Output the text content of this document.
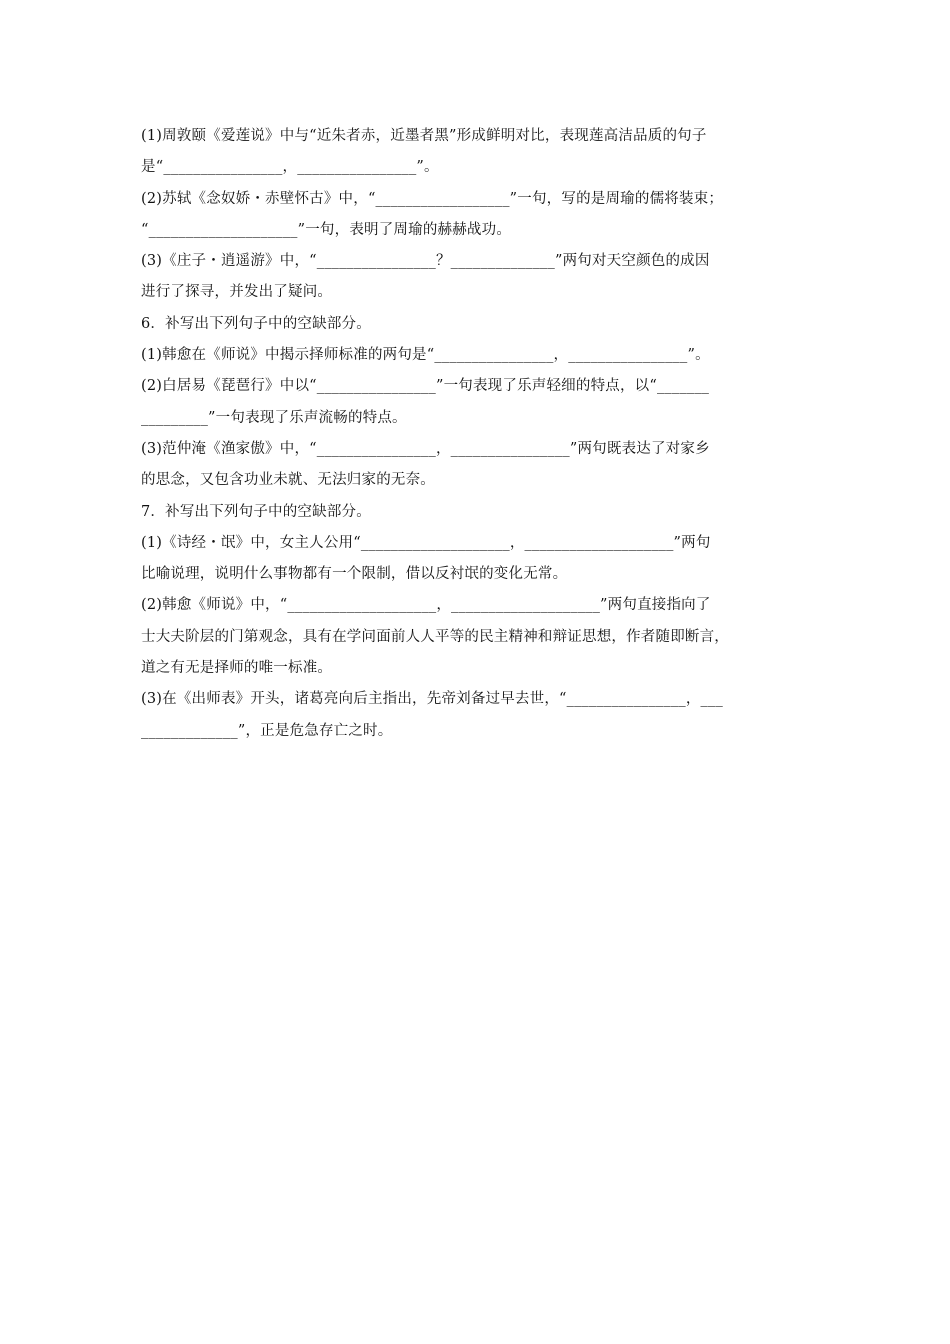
(1)周敦颐《爱莲说》中与“近朱者赤，近墨者黑”形成鲜明对比，表现莲高洁品质的句子
是“________________，________________”。
(2)苏轼《念奴娇・赤壁怀古》中，“__________________”一句，写的是周瑜的儒将装束；
“____________________”一句，表明了周瑜的赫赫战功。
(3)《庄子・逍遥游》中，“________________？______________”两句对天空颜色的成因
进行了探寻，并发出了疑问。
6．补写出下列句子中的空缺部分。
(1)韩愈在《师说》中揭示择师标准的两句是“________________，________________”。
(2)白居易《琵琶行》中以“________________”一句表现了乐声轻细的特点，以“_______
_________”一句表现了乐声流畅的特点。
(3)范仲淹《渔家傲》中，“________________，________________”两句既表达了对家乡
的思念，又包含功业未就、无法归家的无奈。
7．补写出下列句子中的空缺部分。
(1)《诗经・氓》中，女主人公用“____________________，____________________”两句
比喻说理，说明什么事物都有一个限制，借以反衬氓的变化无常。
(2)韩愈《师说》中，“____________________，____________________”两句直接指向了
士大夫阶层的门第观念，具有在学问面前人人平等的民主精神和辩证思想，作者随即断言，
道之有无是择师的唯一标准。
(3)在《出师表》开头，诸葛亮向后主指出，先帝刘备过早去世，“________________，___
_____________”，正是危急存亡之时。
